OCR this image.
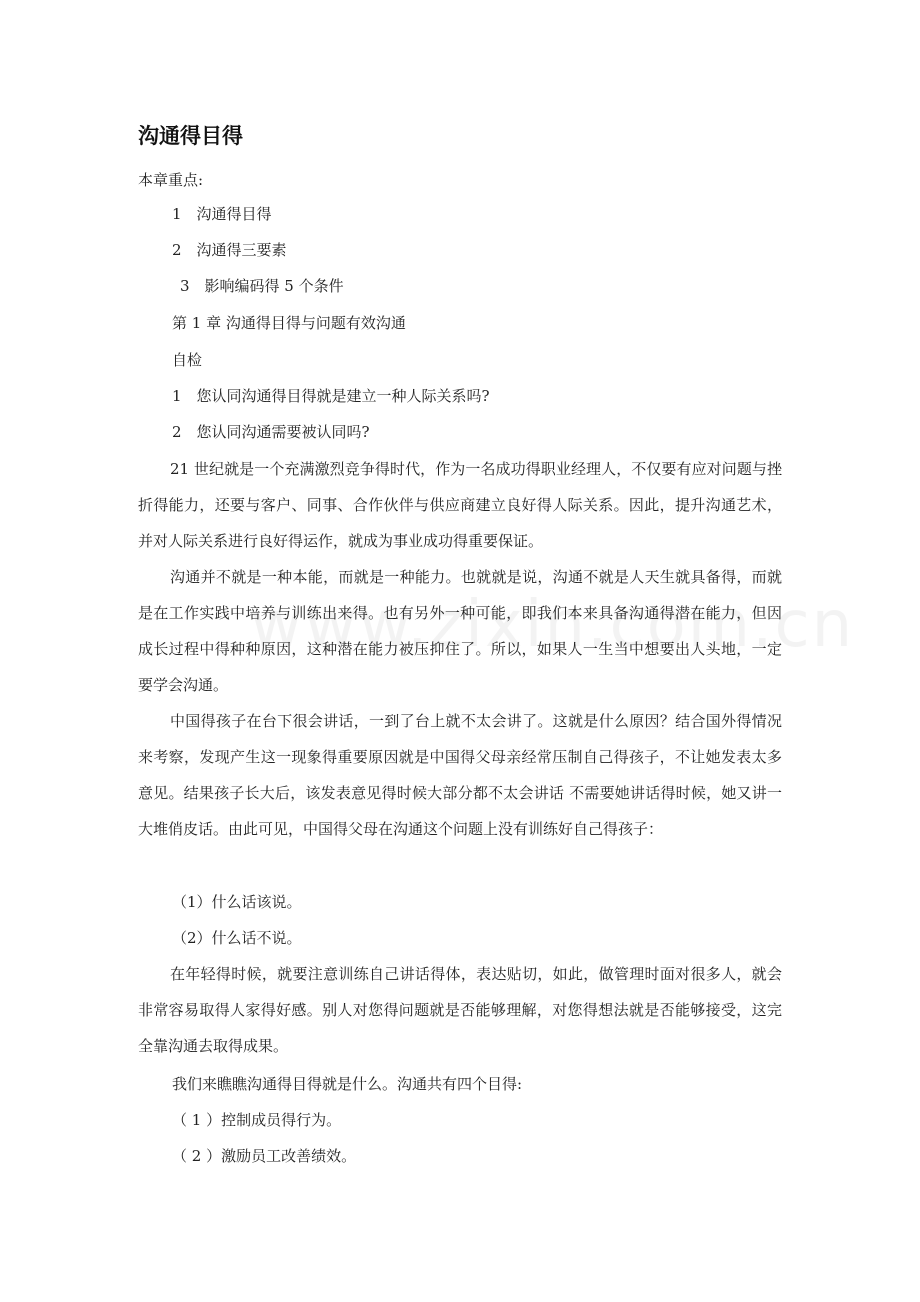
沟通得目得

本章重点:

1　沟通得目得

2　沟通得三要素

3　影响编码得 5 个条件

第 1 章 沟通得目得与问题有效沟通

自检

1　您认同沟通得目得就是建立一种人际关系吗?

2　您认同沟通需要被认同吗?

21 世纪就是一个充满激烈竞争得时代，作为一名成功得职业经理人，不仅要有应对问题与挫折得能力，还要与客户、同事、合作伙伴与供应商建立良好得人际关系。因此，提升沟通艺术，并对人际关系进行良好得运作，就成为事业成功得重要保证。

沟通并不就是一种本能，而就是一种能力。也就就是说，沟通不就是人天生就具备得，而就是在工作实践中培养与训练出来得。也有另外一种可能，即我们本来具备沟通得潜在能力，但因成长过程中得种种原因，这种潜在能力被压抑住了。所以，如果人一生当中想要出人头地，一定要学会沟通。

中国得孩子在台下很会讲话，一到了台上就不太会讲了。这就是什么原因？结合国外得情况来考察，发现产生这一现象得重要原因就是中国得父母亲经常压制自己得孩子，不让她发表太多意见。结果孩子长大后，该发表意见得时候大部分都不太会讲话 不需要她讲话得时候，她又讲一大堆俏皮话。由此可见，中国得父母在沟通这个问题上没有训练好自己得孩子：

（1）什么话该说。

（2）什么话不说。

在年轻得时候，就要注意训练自己讲话得体，表达贴切，如此，做管理时面对很多人，就会非常容易取得人家得好感。别人对您得问题就是否能够理解，对您得想法就是否能够接受，这完全靠沟通去取得成果。

我们来瞧瞧沟通得目得就是什么。沟通共有四个目得:

（ 1 ）控制成员得行为。

（ 2 ）激励员工改善绩效。
